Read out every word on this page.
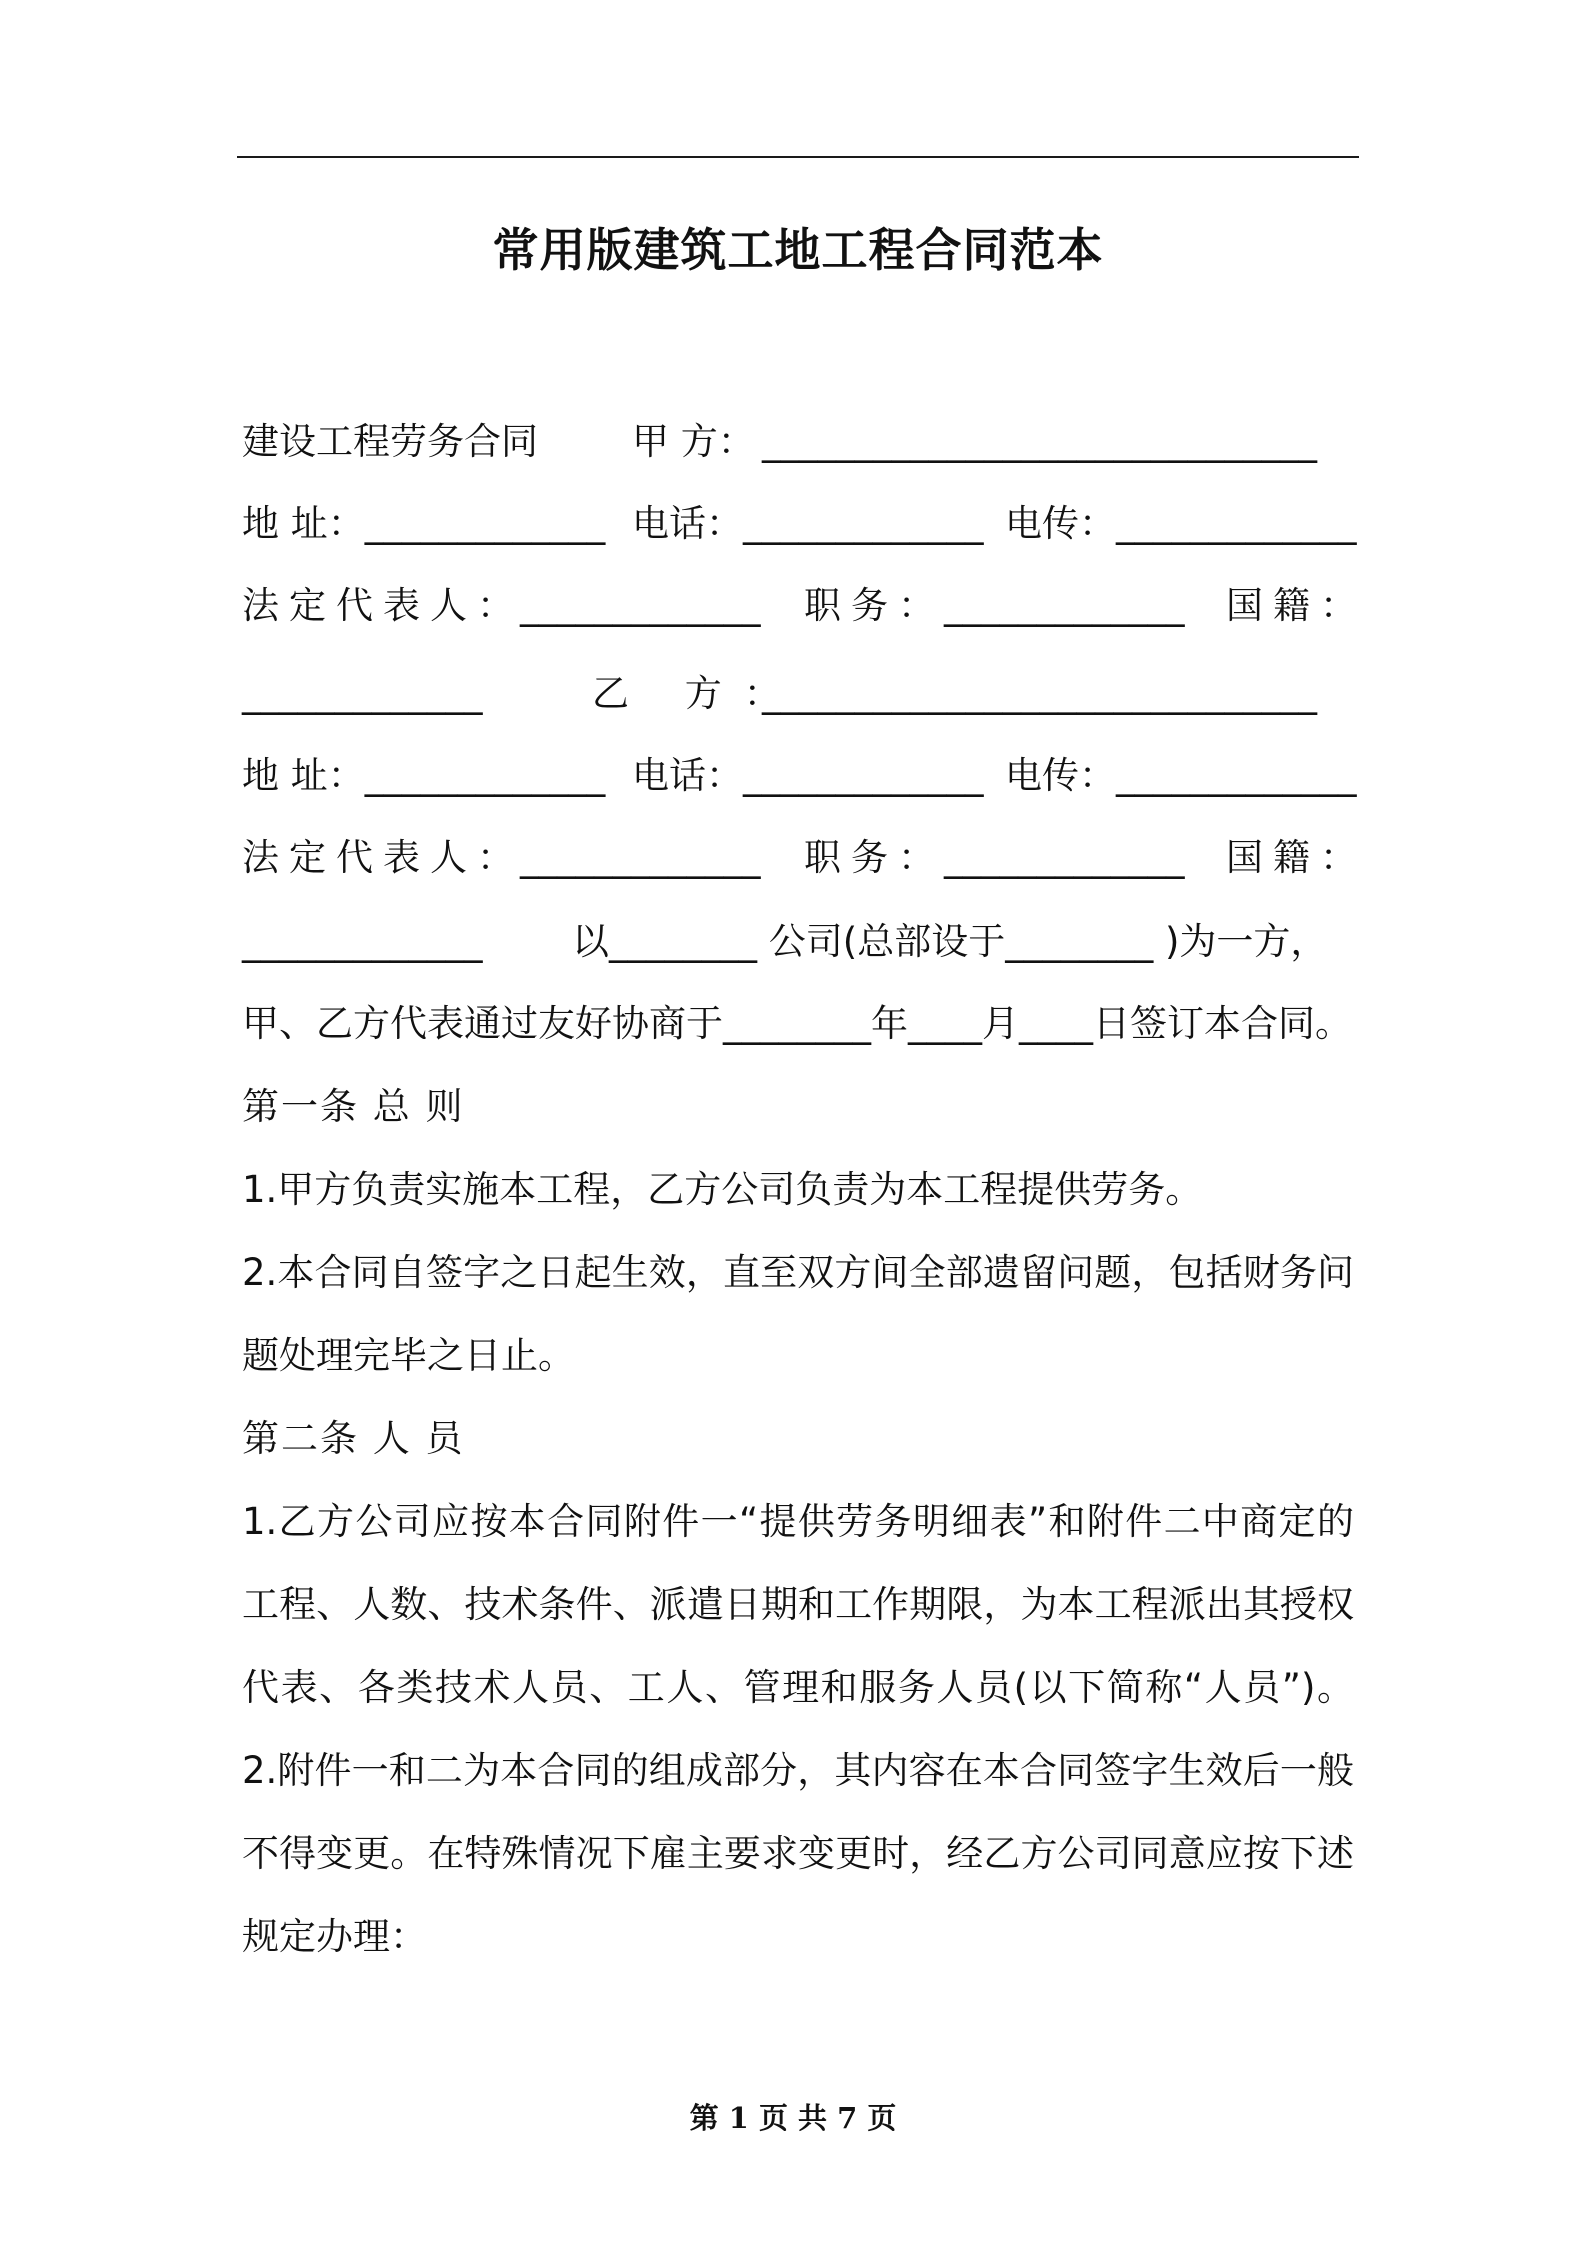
常用版建筑工地工程合同范本
建设工程劳务合同	甲 方： ______________________________
地 址：_____________ 电话：_____________ 电传：_____________
法定代表人：
_____________ 职务： _____________ 国籍：
_____________	乙 方：
______________________________
地 址：_____________ 电话：_____________ 电传：_____________
法定代表人：
_____________ 职务： _____________ 国籍：
_____________ 以________ 公司(总部设于________ )为一方，
甲、乙方代表通过友好协商于________年____月____日签订本合同。
第一条 总 则
1.甲方负责实施本工程，乙方公司负责为本工程提供劳务。
2.本合同自签字之日起生效，直至双方间全部遗留问题，包括财务问
题处理完毕之日止。
第二条 人 员
1.乙方公司应按本合同附件一“提供劳务明细表”和附件二中商定的
工程、人数、技术条件、派遣日期和工作期限，为本工程派出其授权
代表、各类技术人员、工人、管理和服务人员(以下简称“人员”)。
2.附件一和二为本合同的组成部分，其内容在本合同签字生效后一般
不得变更。在特殊情况下雇主要求变更时，经乙方公司同意应按下述
规定办理：
第 1 页 共 7 页
